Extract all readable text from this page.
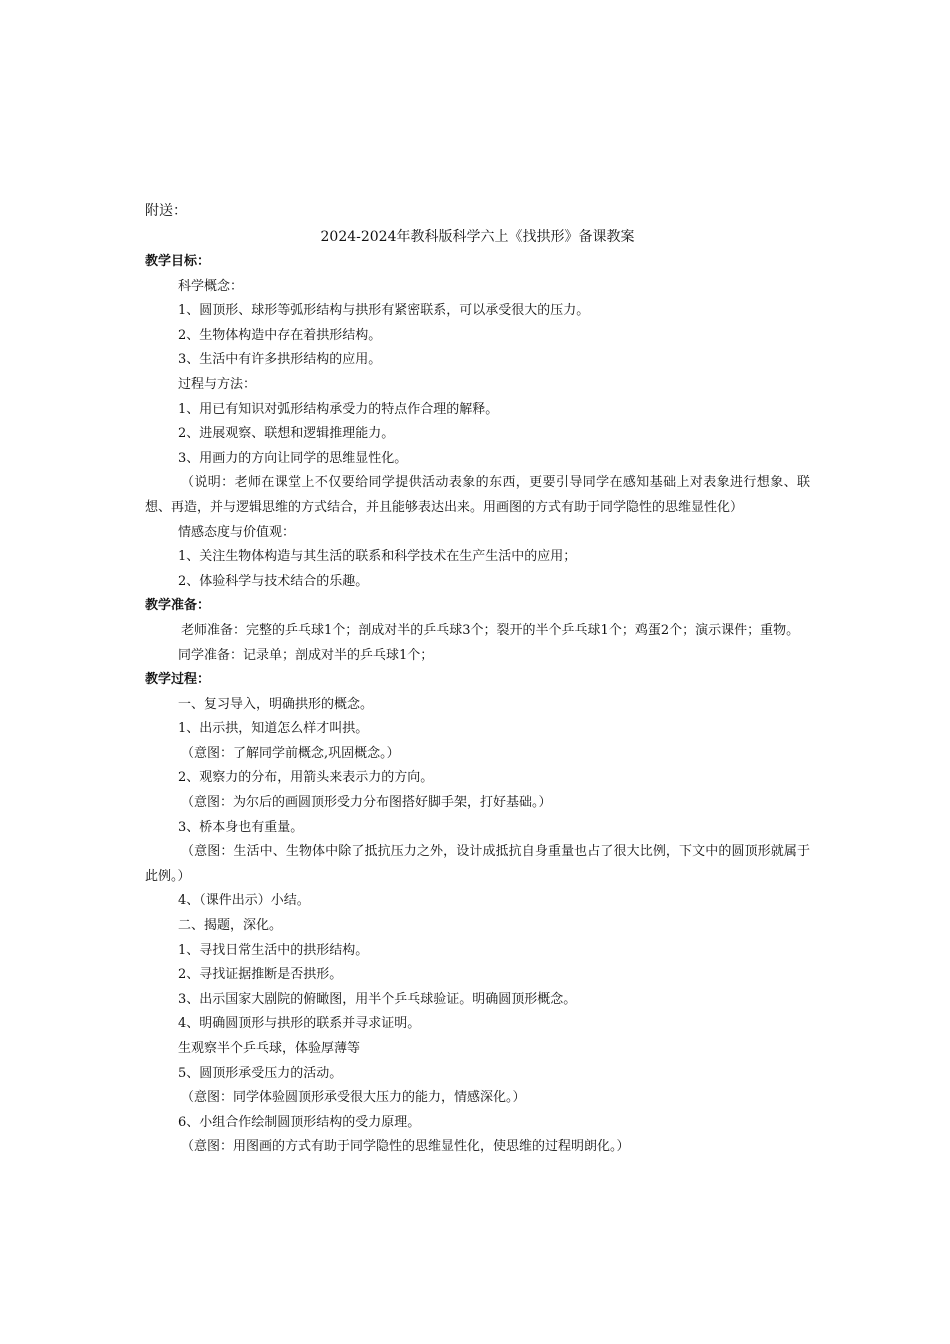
附送：
2024-2024年教科版科学六上《找拱形》备课教案
教学目标：
科学概念：
1、圆顶形、球形等弧形结构与拱形有紧密联系，可以承受很大的压力。
2、生物体构造中存在着拱形结构。
3、生活中有许多拱形结构的应用。
过程与方法：
1、用已有知识对弧形结构承受力的特点作合理的解释。
2、进展观察、联想和逻辑推理能力。
3、用画力的方向让同学的思维显性化。
（说明：老师在课堂上不仅要给同学提供活动表象的东西，更要引导同学在感知基础上对表象进行想象、联想、再造，并与逻辑思维的方式结合，并且能够表达出来。用画图的方式有助于同学隐性的思维显性化）
情感态度与价值观：
1、关注生物体构造与其生活的联系和科学技术在生产生活中的应用；
2、体验科学与技术结合的乐趣。
教学准备：
老师准备：完整的乒乓球1个；剖成对半的乒乓球3个；裂开的半个乒乓球1个；鸡蛋2个；演示课件；重物。
同学准备：记录单；剖成对半的乒乓球1个；
教学过程：
一、复习导入，明确拱形的概念。
1、出示拱，知道怎么样才叫拱。
（意图：了解同学前概念,巩固概念。）
2、观察力的分布，用箭头来表示力的方向。
（意图：为尔后的画圆顶形受力分布图搭好脚手架，打好基础。）
3、桥本身也有重量。
（意图：生活中、生物体中除了抵抗压力之外，设计成抵抗自身重量也占了很大比例，下文中的圆顶形就属于此例。）
4、（课件出示）小结。
二、揭题，深化。
1、寻找日常生活中的拱形结构。
2、寻找证据推断是否拱形。
3、出示国家大剧院的俯瞰图，用半个乒乓球验证。明确圆顶形概念。
4、明确圆顶形与拱形的联系并寻求证明。
生观察半个乒乓球，体验厚薄等
5、圆顶形承受压力的活动。
（意图：同学体验圆顶形承受很大压力的能力，情感深化。）
6、小组合作绘制圆顶形结构的受力原理。
（意图：用图画的方式有助于同学隐性的思维显性化，使思维的过程明朗化。）
